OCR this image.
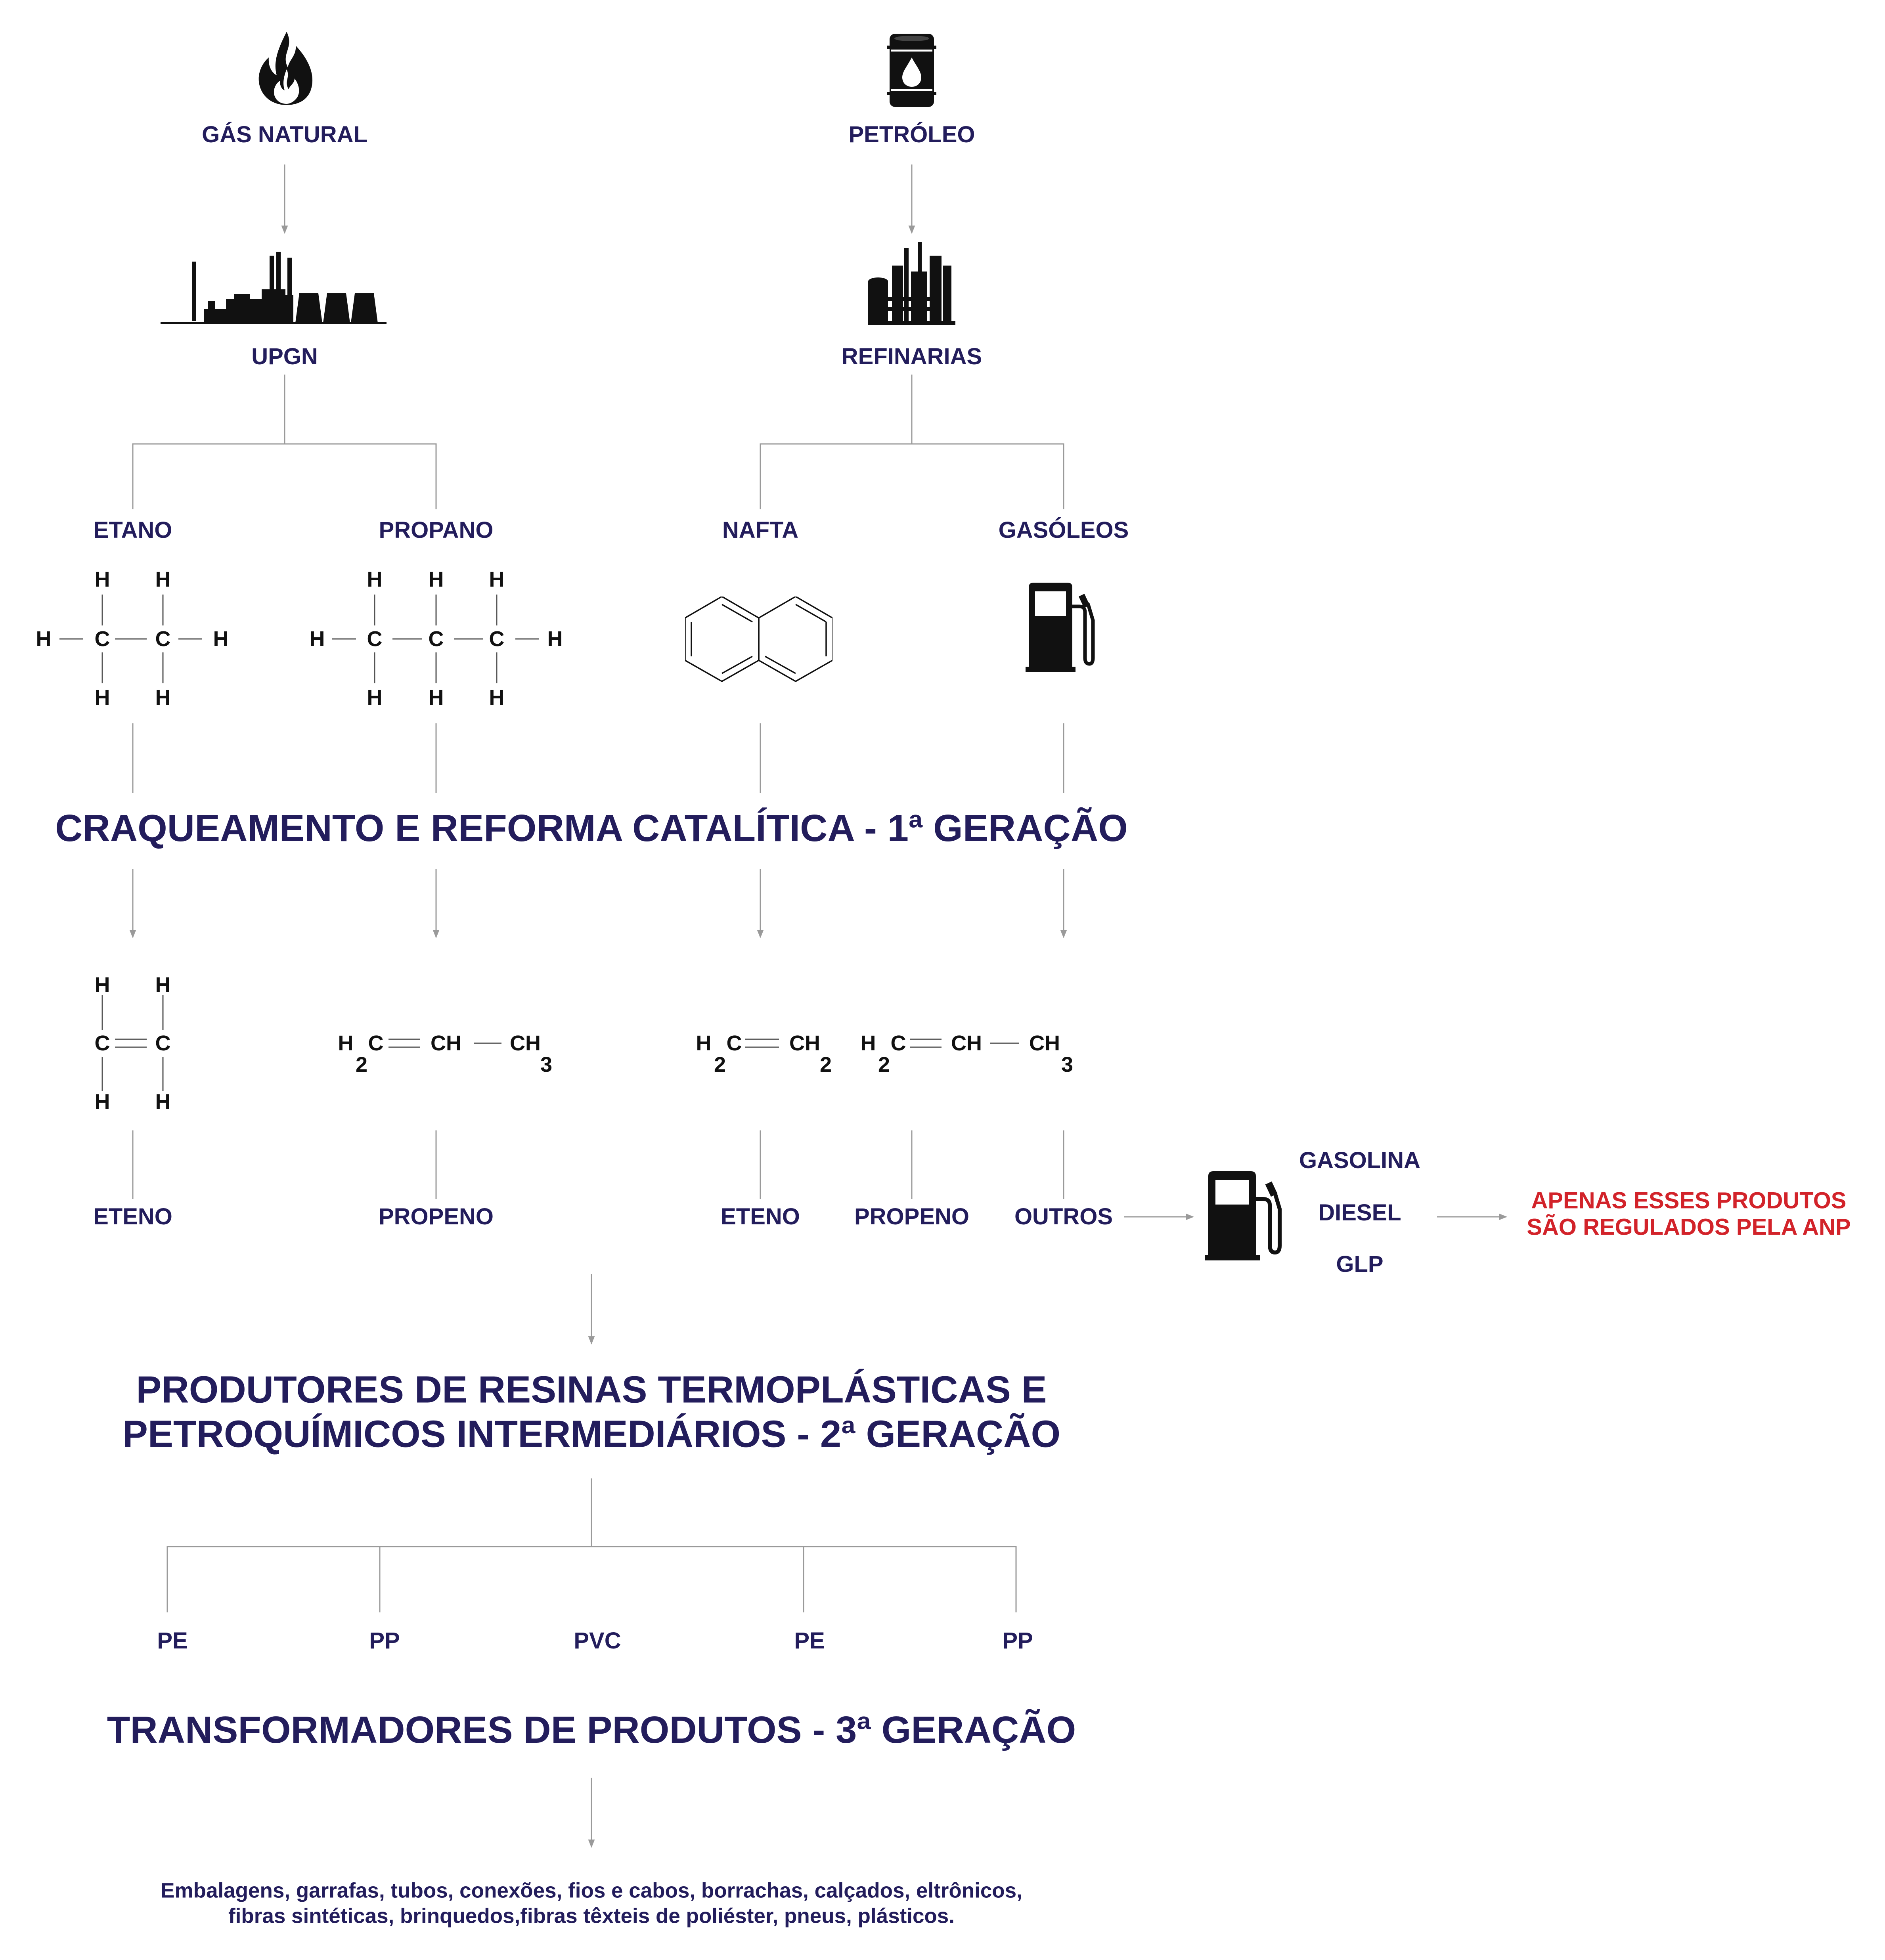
GÁS NATURAL	PETRÓLEO
UPGN	REFINARIAS
ETANO	PROPANO	NAFTA	GASÓLEOS
H H
H C C H
H H
H H H
H C C C H
H H H
CRAQUEAMENTO E REFORMA CATALÍTICA - 1ª GERAÇÃO
H H
C C
H H
H
2
C CH CH
3
H
2
C CH
2
H
2
C CH CH
3
ETENO	PROPENO	ETENO PROPENO OUTROS
GASOLINA
DIESEL
GLP
APENAS ESSES PRODUTOS
SÃO REGULADOS PELA ANP
PRODUTORES DE RESINAS TERMOPLÁSTICAS E
PETROQUÍMICOS INTERMEDIÁRIOS - 2ª GERAÇÃO
PE	PP	PVC	PE	PP
TRANSFORMADORES DE PRODUTOS - 3ª GERAÇÃO
Embalagens, garrafas, tubos, conexões, fios e cabos, borrachas, calçados, eltrônicos,
fibras sintéticas, brinquedos,fibras têxteis de poliéster, pneus, plásticos.
